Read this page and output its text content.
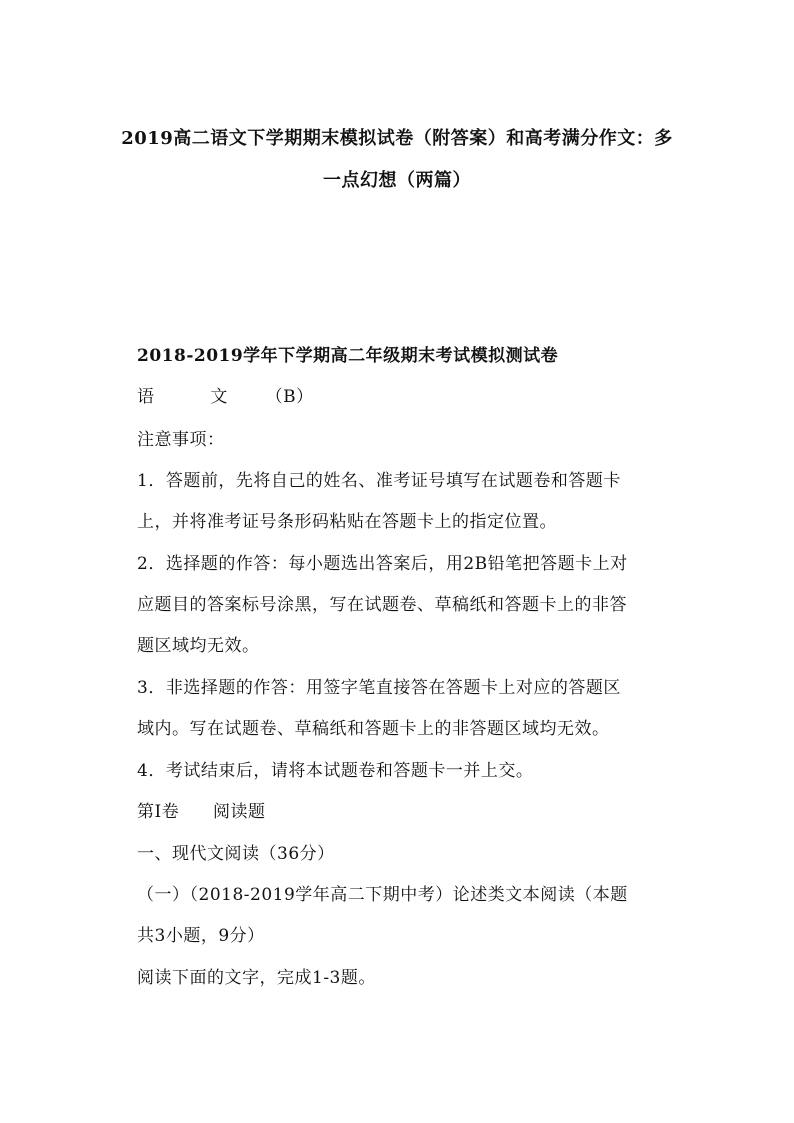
2019高二语文下学期期末模拟试卷（附答案）和高考满分作文：多
一点幻想（两篇）
2018-2019学年下学期高二年级期末考试模拟测试卷
语	文 （B）
注意事项：
1．答题前，先将自己的姓名、准考证号填写在试题卷和答题卡
上，并将准考证号条形码粘贴在答题卡上的指定位置。
2．选择题的作答：每小题选出答案后，用2B铅笔把答题卡上对
应题目的答案标号涂黑，写在试题卷、草稿纸和答题卡上的非答
题区域均无效。
3．非选择题的作答：用签字笔直接答在答题卡上对应的答题区
域内。写在试题卷、草稿纸和答题卡上的非答题区域均无效。
4．考试结束后，请将本试题卷和答题卡一并上交。
第Ⅰ卷 阅读题
一、现代文阅读（36分）
（一）（2018-2019学年高二下期中考）论述类文本阅读（本题
共3小题，9分）
阅读下面的文字，完成1-3题。
